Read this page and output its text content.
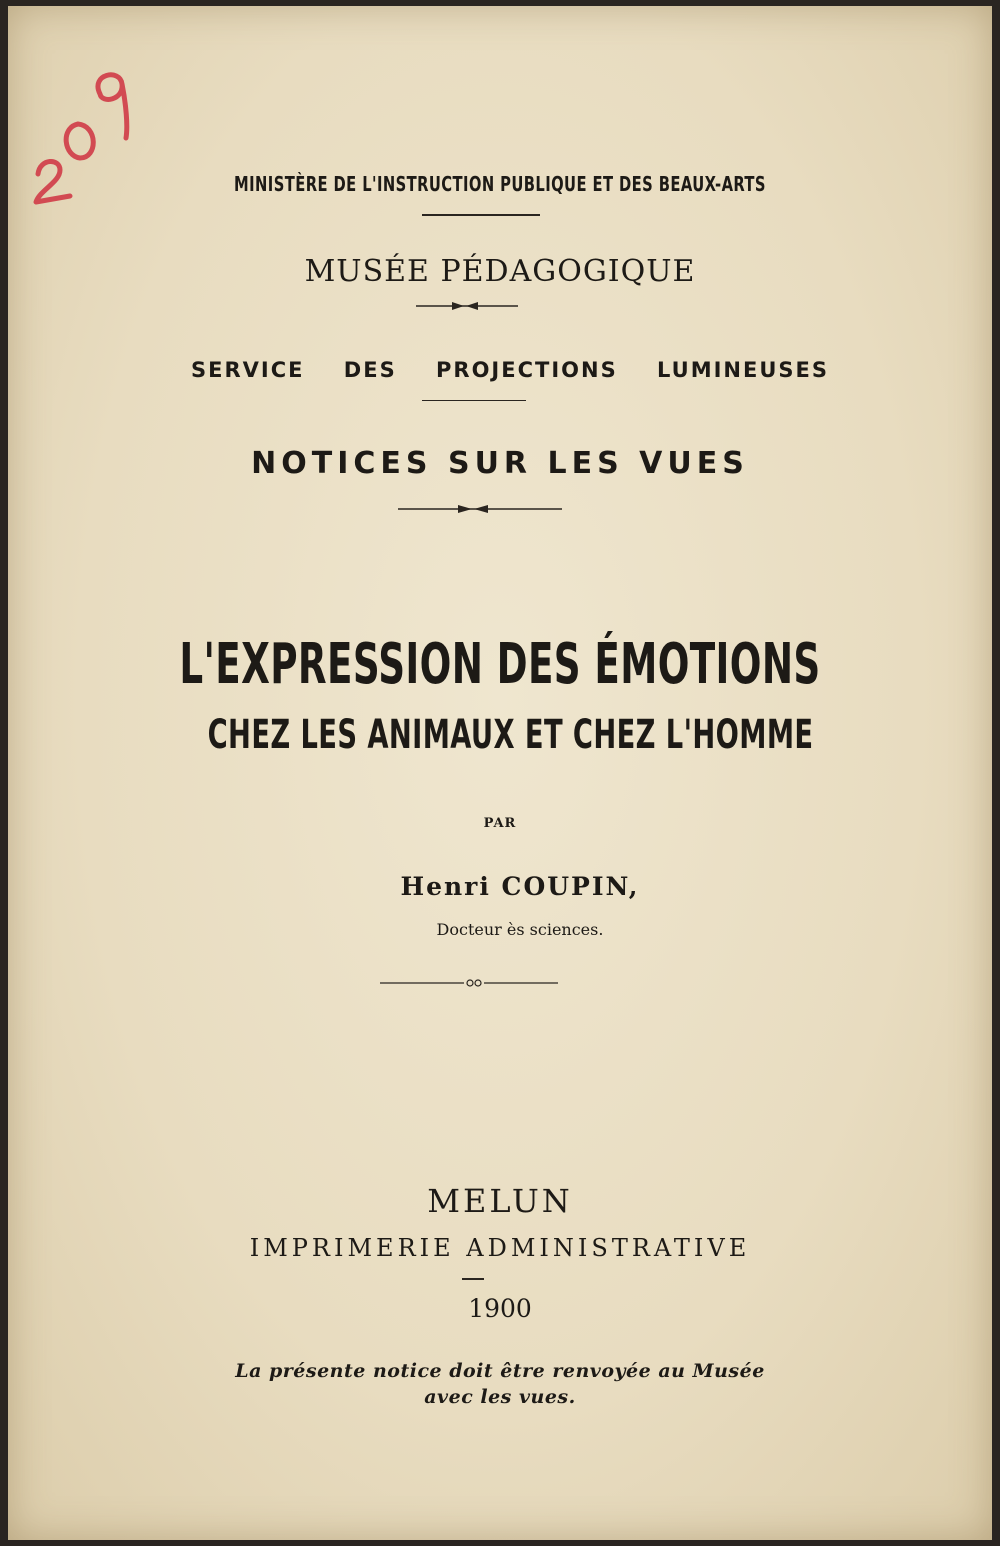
MINISTÈRE DE L'INSTRUCTION PUBLIQUE ET DES BEAUX-ARTS
MUSÉE PÉDAGOGIQUE
SERVICE DES PROJECTIONS LUMINEUSES
NOTICES SUR LES VUES
L'EXPRESSION DES ÉMOTIONS
CHEZ LES ANIMAUX ET CHEZ L'HOMME
PAR
Henri COUPIN,
Docteur ès sciences.
MELUN
IMPRIMERIE ADMINISTRATIVE
1900
La présente notice doit être renvoyée au Musée
avec les vues.
